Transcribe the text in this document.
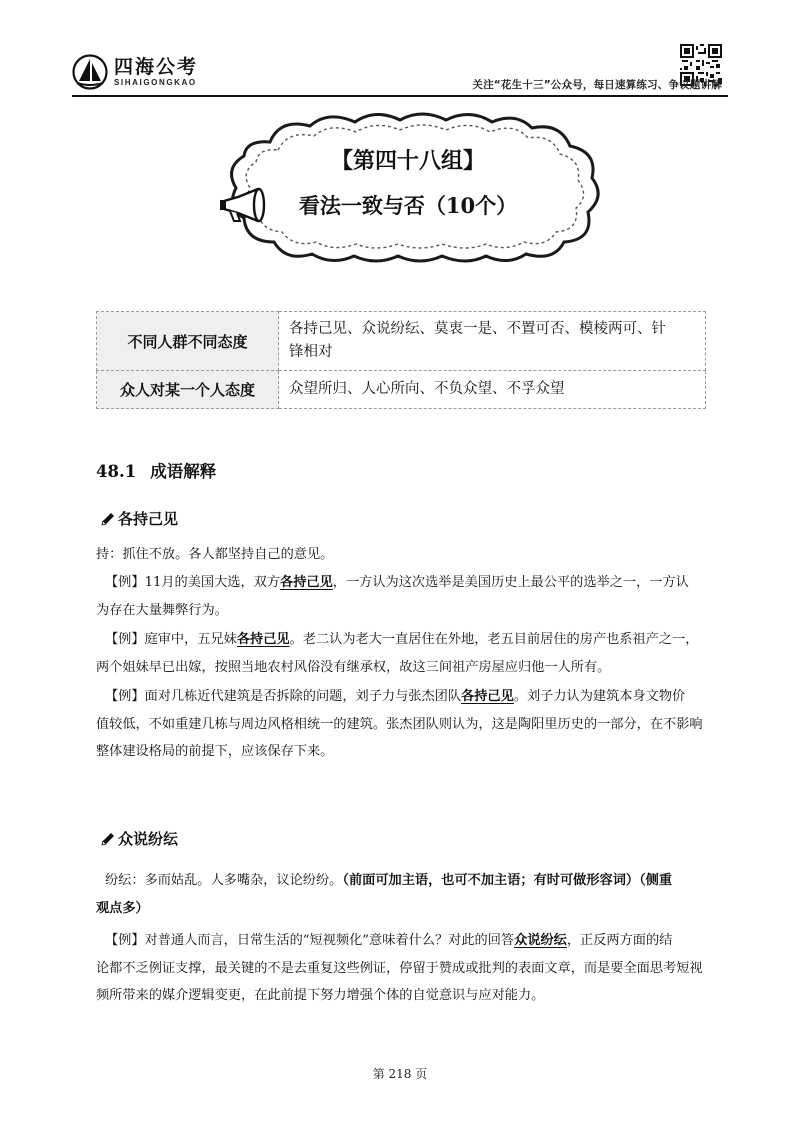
四海公考
SIHAIGONGKAO	关注“花生十三”公众号，每日速算练习、争议题讲解
【第四十八组】
看法一致与否（10个）
不同人群不同态度	各持己见、众说纷纭、莫衷一是、不置可否、模棱两可、针
锋相对
众人对某一个人态度	众望所归、人心所向、不负众望、不孚众望
48.1 成语解释
各持己见
持：抓住不放。各人都坚持自己的意见。
【例】11月的美国大选，双方各持己见，一方认为这次选举是美国历史上最公平的选举之一，一方认
为存在大量舞弊行为。
【例】庭审中，五兄妹各持己见。老二认为老大一直居住在外地，老五目前居住的房产也系祖产之一，
两个姐妹早已出嫁，按照当地农村风俗没有继承权，故这三间祖产房屋应归他一人所有。
【例】面对几栋近代建筑是否拆除的问题，刘子力与张杰团队各持己见。刘子力认为建筑本身文物价
值较低，不如重建几栋与周边风格相统一的建筑。张杰团队则认为，这是陶阳里历史的一部分，在不影响
整体建设格局的前提下，应该保存下来。
众说纷纭
纷纭：多而姑乱。人多嘴杂，议论纷纷。（前面可加主语，也可不加主语；有时可做形容词）（侧重
观点多）
【例】对普通人而言，日常生活的“短视频化”意味着什么？对此的回答众说纷纭，正反两方面的结
论都不乏例证支撑，最关键的不是去重复这些例证，停留于赞成或批判的表面文章，而是要全面思考短视
频所带来的媒介逻辑变更，在此前提下努力增强个体的自觉意识与应对能力。
第 218 页
